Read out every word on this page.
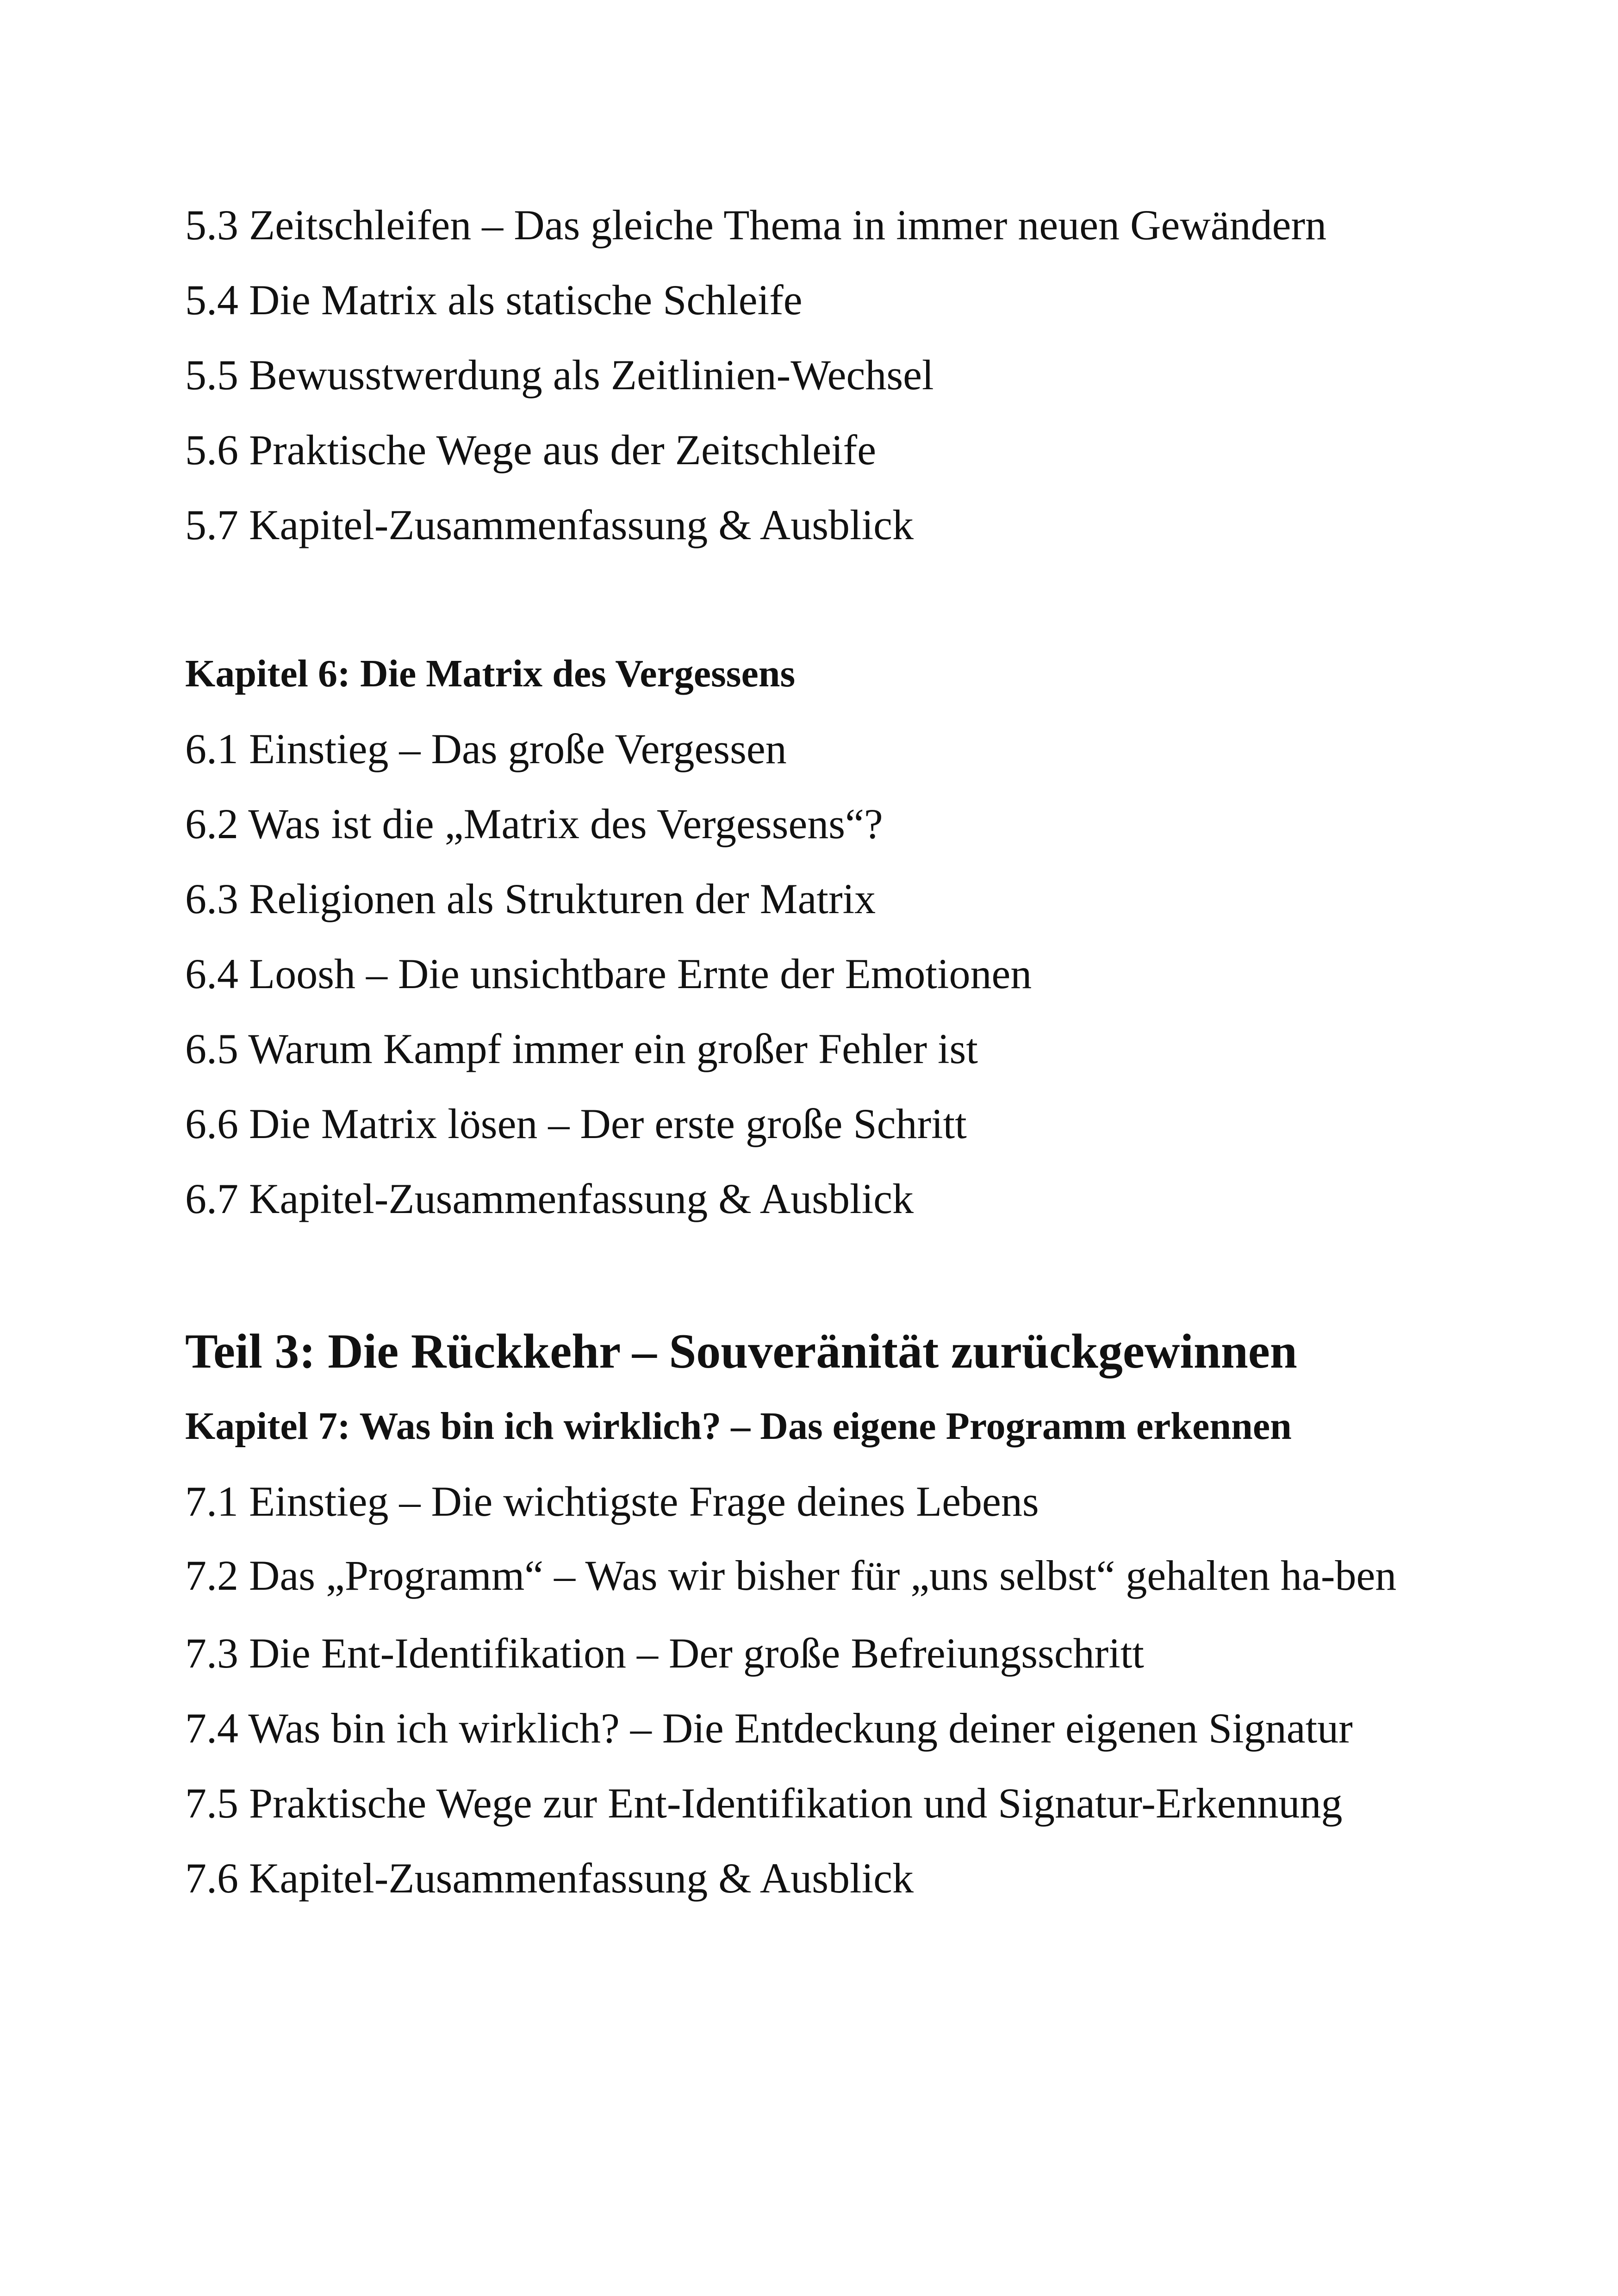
5.3 Zeitschleifen – Das gleiche Thema in immer neuen Gewändern

5.4 Die Matrix als statische Schleife

5.5 Bewusstwerdung als Zeitlinien-Wechsel

5.6 Praktische Wege aus der Zeitschleife

5.7 Kapitel-Zusammenfassung & Ausblick

Kapitel 6: Die Matrix des Vergessens

6.1 Einstieg – Das große Vergessen

6.2 Was ist die „Matrix des Vergessens“?

6.3 Religionen als Strukturen der Matrix

6.4 Loosh – Die unsichtbare Ernte der Emotionen

6.5 Warum Kampf immer ein großer Fehler ist

6.6 Die Matrix lösen – Der erste große Schritt

6.7 Kapitel-Zusammenfassung & Ausblick

Teil 3: Die Rückkehr – Souveränität zurückgewinnen

Kapitel 7: Was bin ich wirklich? – Das eigene Programm erkennen

7.1 Einstieg – Die wichtigste Frage deines Lebens

7.2 Das „Programm“ – Was wir bisher für „uns selbst“ gehalten ha-ben

7.3 Die Ent-Identifikation – Der große Befreiungsschritt

7.4 Was bin ich wirklich? – Die Entdeckung deiner eigenen Signatur

7.5 Praktische Wege zur Ent-Identifikation und Signatur-Erkennung

7.6 Kapitel-Zusammenfassung & Ausblick
